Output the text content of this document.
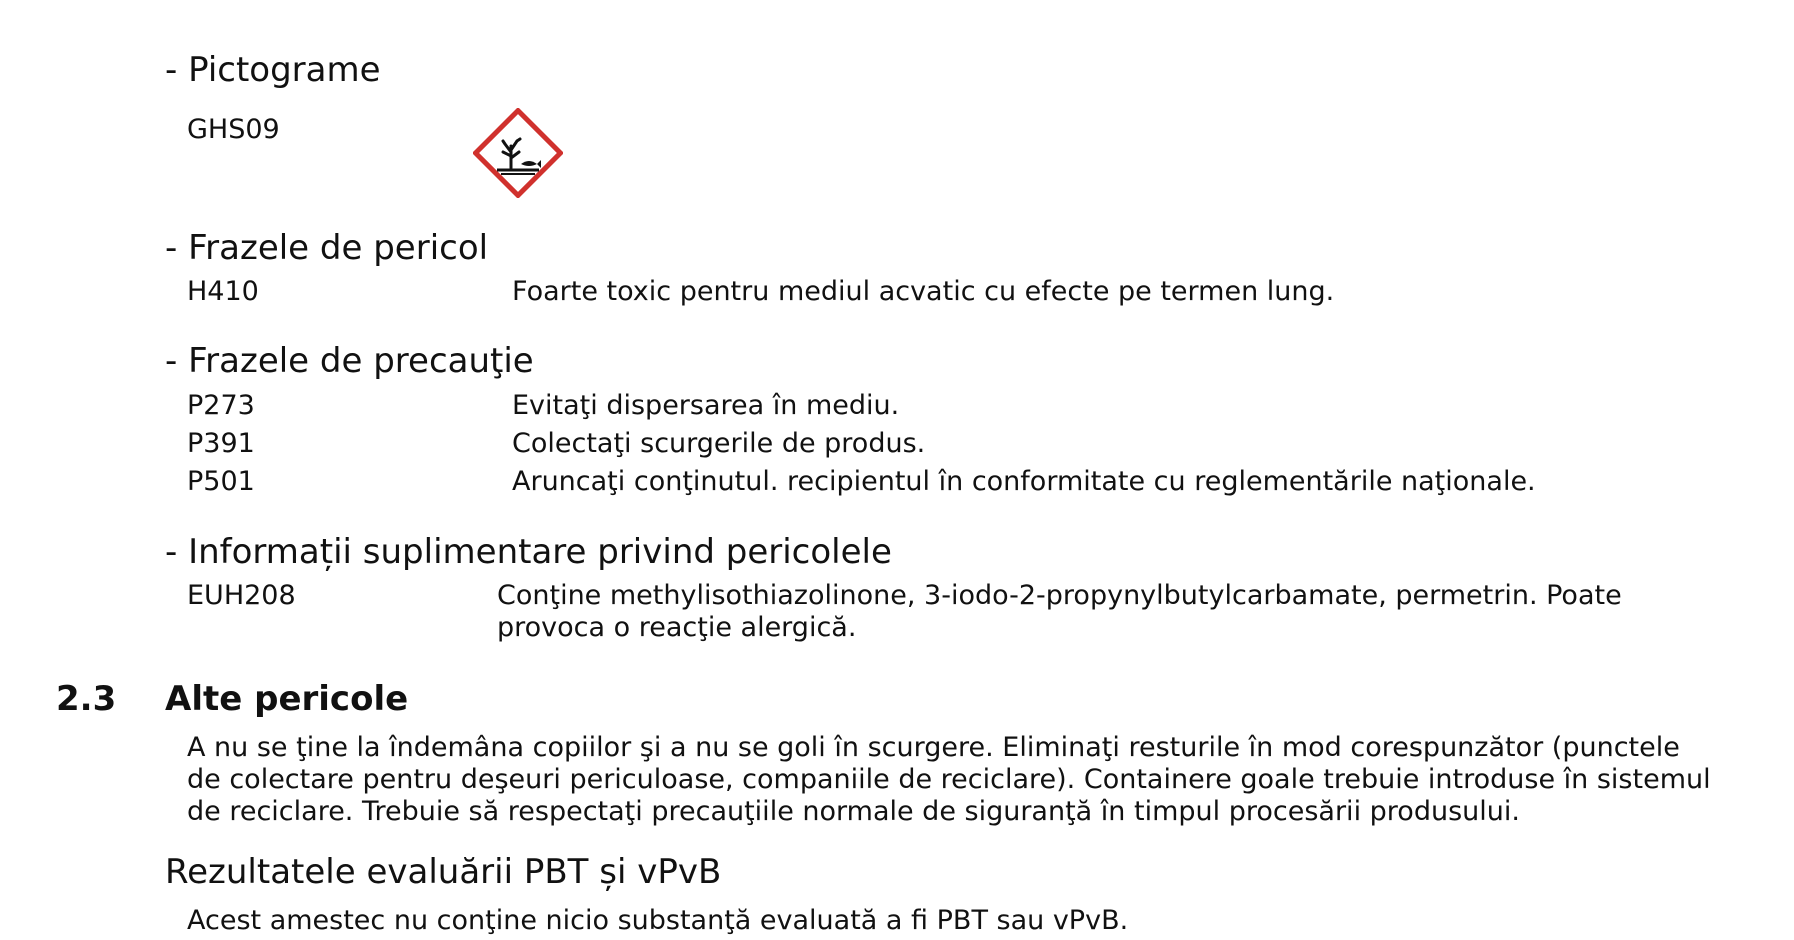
- Pictograme
GHS09
- Frazele de pericol
H410	Foarte toxic pentru mediul acvatic cu efecte pe termen lung.
- Frazele de precauţie
P273	Evitaţi dispersarea în mediu.
P391	Colectaţi scurgerile de produs.
P501	Aruncaţi conţinutul. recipientul în conformitate cu reglementările naţionale.
- Informații suplimentare privind pericolele
EUH208	Conţine methylisothiazolinone, 3-iodo-2-propynylbutylcarbamate, permetrin. Poate
provoca o reacţie alergică.
2.3 Alte pericole
A nu se ţine la îndemâna copiilor şi a nu se goli în scurgere. Eliminaţi resturile în mod corespunzător (punctele
de colectare pentru deşeuri periculoase, companiile de reciclare). Containere goale trebuie introduse în sistemul
de reciclare. Trebuie să respectaţi precauţiile normale de siguranţă în timpul procesării produsului.
Rezultatele evaluării PBT și vPvB
Acest amestec nu conţine nicio substanţă evaluată a fi PBT sau vPvB.
